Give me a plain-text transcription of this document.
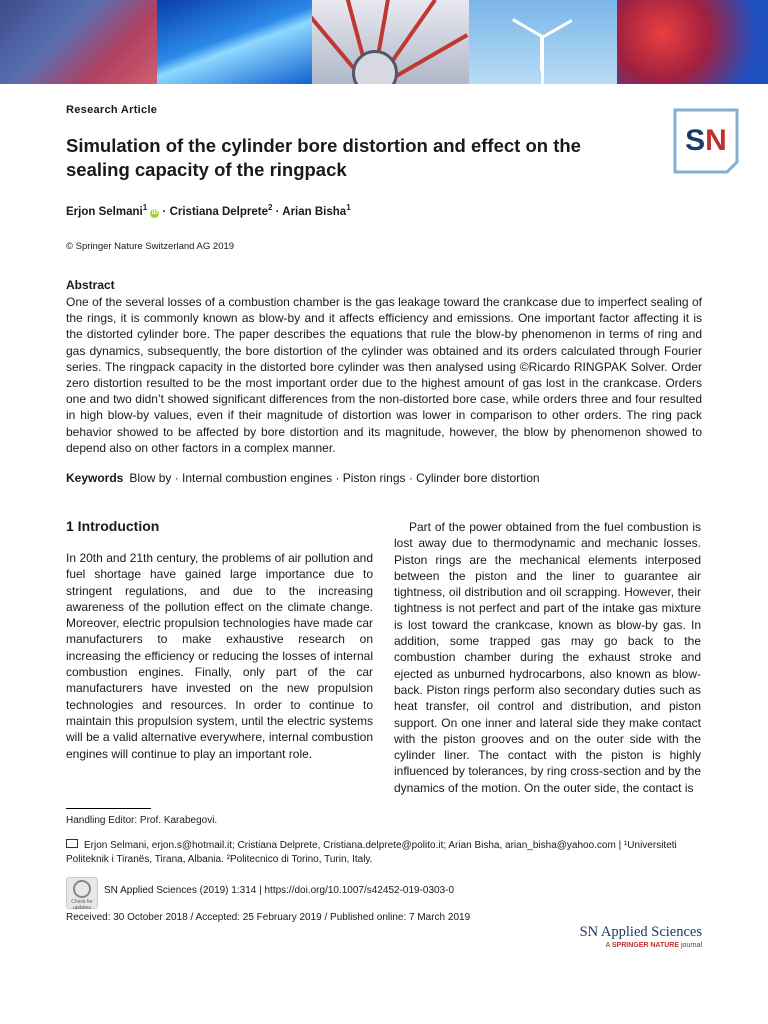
Research Article
Simulation of the cylinder bore distortion and effect on the sealing capacity of the ringpack
SN
Erjon Selmani$^1$ iD · Cristiana Delprete$^2$ · Arian Bisha$^1$
© Springer Nature Switzerland AG 2019
Abstract
One of the several losses of a combustion chamber is the gas leakage toward the crankcase due to imperfect sealing of the rings, it is commonly known as blow-by and it affects efficiency and emissions. One important factor affecting it is the distorted cylinder bore. The paper describes the equations that rule the blow-by phenomenon in terms of ring and gas dynamics, subsequently, the bore distortion of the cylinder was obtained and its orders calculated through Fourier series. The ringpack capacity in the distorted bore cylinder was then analysed using ©Ricardo RINGPAK Solver. Order zero distortion resulted to be the most important order due to the highest amount of gas lost in the crankcase. Orders one and two didn’t showed significant differences from the non-distorted bore case, while orders three and four resulted in high blow-by values, even if their magnitude of distortion was lower in comparison to other orders. The ring pack behavior showed to be affected by bore distortion and its magnitude, however, the blow by phenomenon showed to depend also on other factors in a complex manner.
Keywords Blow by · Internal combustion engines · Piston rings · Cylinder bore distortion
1 Introduction

In 20th and 21th century, the problems of air pollution and fuel shortage have gained large importance due to stringent regulations, and due to the increasing awareness of the pollution effect on the climate change. Moreover, electric propulsion technologies have made car manufacturers to make exhaustive research on increasing the efficiency or reducing the losses of internal combustion engines. Finally, only part of the car manufacturers have invested on the new propulsion technologies and resources. In order to continue to maintain this propulsion system, until the electric systems will be a valid alternative everywhere, internal combustion engines will continue to play an important role.

Part of the power obtained from the fuel combustion is lost away due to thermodynamic and mechanic losses. Piston rings are the mechanical elements interposed between the piston and the liner to guarantee air tightness, oil distribution and oil scrapping. However, their tightness is not perfect and part of the intake gas mixture is lost toward the crankcase, known as blow-by gas. In addition, some trapped gas may go back to the combustion chamber during the exhaust stroke and ejected as unburned hydrocarbons, also known as blow-back. Piston rings perform also secondary duties such as heat transfer, oil control and distribution, and piston support. On one inner and lateral side they make contact with the piston grooves and on the outer side with the cylinder liner. The contact with the piston is highly influenced by tolerances, by ring cross-section and by the dynamics of the motion. On the outer side, the contact is

Handling Editor: Prof. Karabegovi.
Erjon Selmani, erjon.s@hotmail.it; Cristiana Delprete, Cristiana.delprete@polito.it; Arian Bisha, arian_bisha@yahoo.com | ¹Universiteti Politeknik i Tiranës, Tirana, Albania. ²Politecnico di Torino, Turin, Italy.
Check for updates
SN Applied Sciences (2019) 1:314 | https://doi.org/10.1007/s42452-019-0303-0
Received: 30 October 2018 / Accepted: 25 February 2019 / Published online: 7 March 2019
SN Applied Sciences
A SPRINGER NATURE journal
